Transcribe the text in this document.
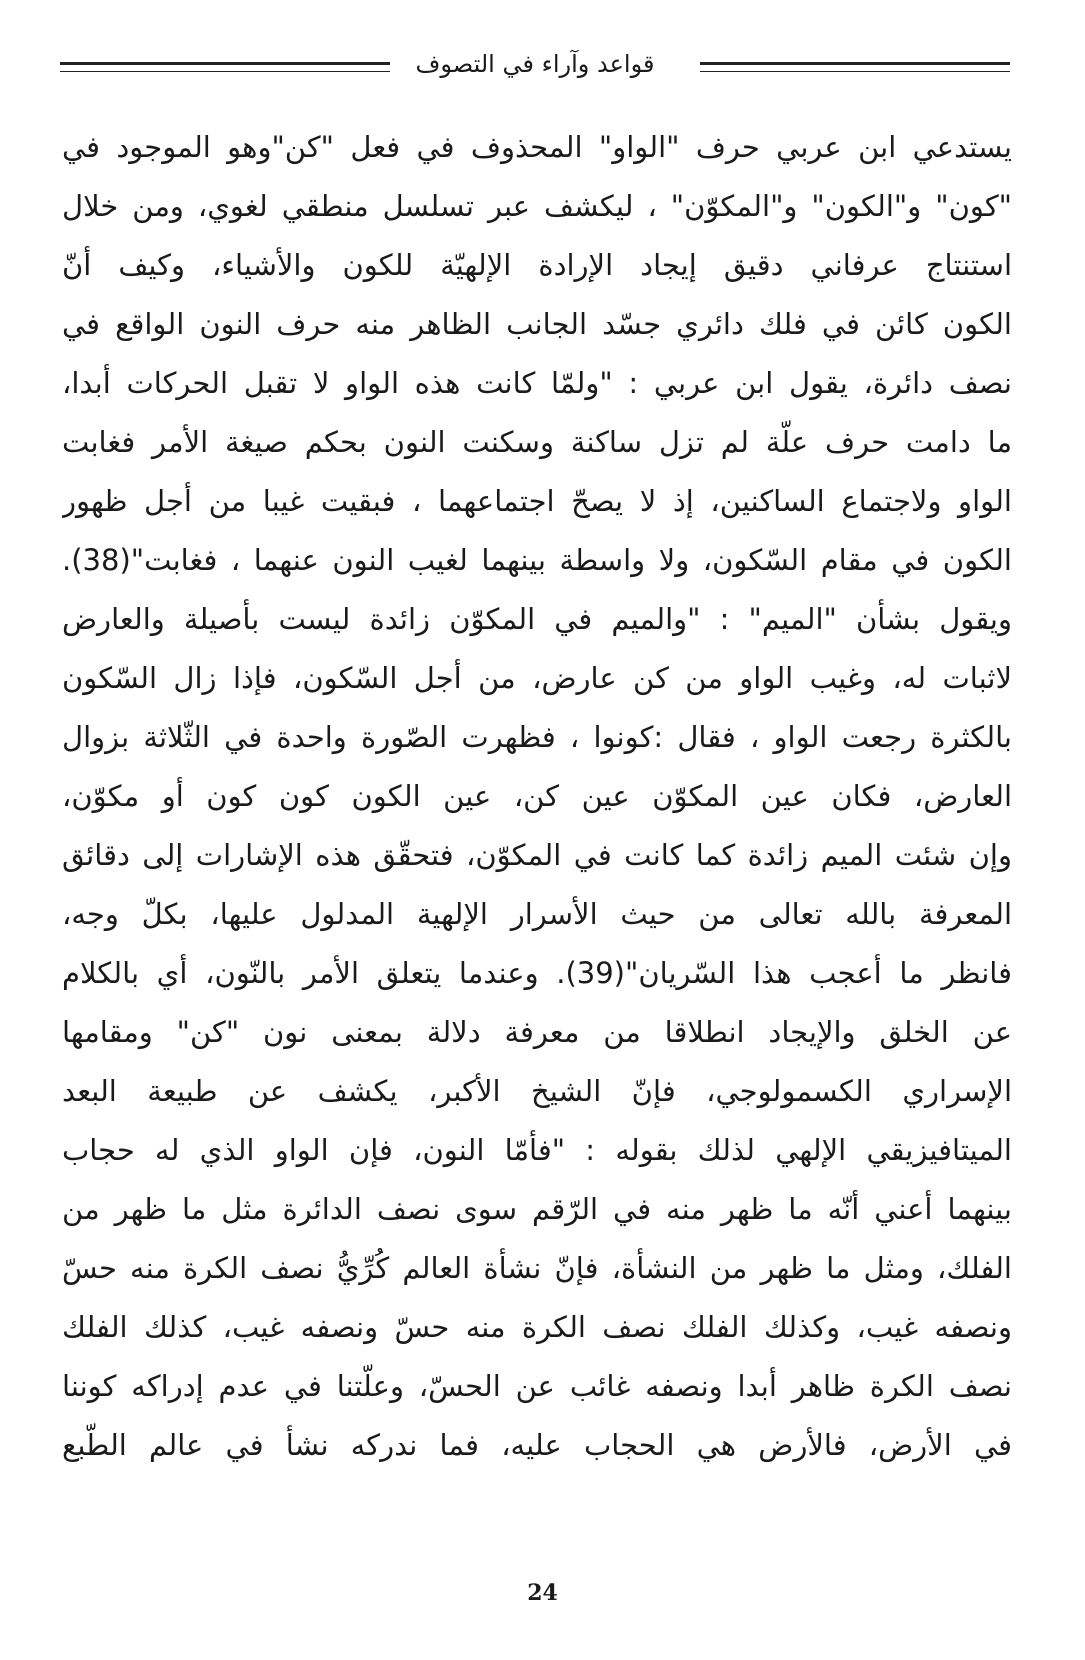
قواعد وآراء في التصوف
يستدعي ابن عربي حرف "الواو" المحذوف في فعل "كن"وهو الموجود في
"كون" و"الكون" و"المكوّن" ، ليكشف عبر تسلسل منطقي لغوي، ومن خلال
استنتاج عرفاني دقيق إيجاد الإرادة الإلهيّة للكون والأشياء، وكيف أنّ
الكون كائن في فلك دائري جسّد الجانب الظاهر منه حرف النون الواقع في
نصف دائرة، يقول ابن عربي : "ولمّا كانت هذه الواو لا تقبل الحركات أبدا،
ما دامت حرف علّة لم تزل ساكنة وسكنت النون بحكم صيغة الأمر فغابت
الواو ولاجتماع الساكنين، إذ لا يصحّ اجتماعهما ، فبقيت غيبا من أجل ظهور
الكون في مقام السّكون، ولا واسطة بينهما لغيب النون عنهما ، فغابت"(38).
ويقول بشأن "الميم" : "والميم في المكوّن زائدة ليست بأصيلة والعارض
لاثبات له، وغيب الواو من كن عارض، من أجل السّكون، فإذا زال السّكون
بالكثرة رجعت الواو ، فقال :كونوا ، فظهرت الصّورة واحدة في الثّلاثة بزوال
العارض، فكان عين المكوّن عين كن، عين الكون كون كون أو مكوّن،
وإن شئت الميم زائدة كما كانت في المكوّن، فتحقّق هذه الإشارات إلى دقائق
المعرفة بالله تعالى من حيث الأسرار الإلهية المدلول عليها، بكلّ وجه،
فانظر ما أعجب هذا السّريان"(39). وعندما يتعلق الأمر بالنّون، أي بالكلام
عن الخلق والإيجاد انطلاقا من معرفة دلالة بمعنى نون "كن" ومقامها
الإسراري الكسمولوجي، فإنّ الشيخ الأكبر، يكشف عن طبيعة البعد
الميتافيزيقي الإلهي لذلك بقوله : "فأمّا النون، فإن الواو الذي له حجاب
بينهما أعني أنّه ما ظهر منه في الرّقم سوى نصف الدائرة مثل ما ظهر من
الفلك، ومثل ما ظهر من النشأة، فإنّ نشأة العالم كُرِّيُّ نصف الكرة منه حسّ
ونصفه غيب، وكذلك الفلك نصف الكرة منه حسّ ونصفه غيب، كذلك الفلك
نصف الكرة ظاهر أبدا ونصفه غائب عن الحسّ، وعلّتنا في عدم إدراكه كوننا
في الأرض، فالأرض هي الحجاب عليه، فما ندركه نشأ في عالم الطّبع
24
